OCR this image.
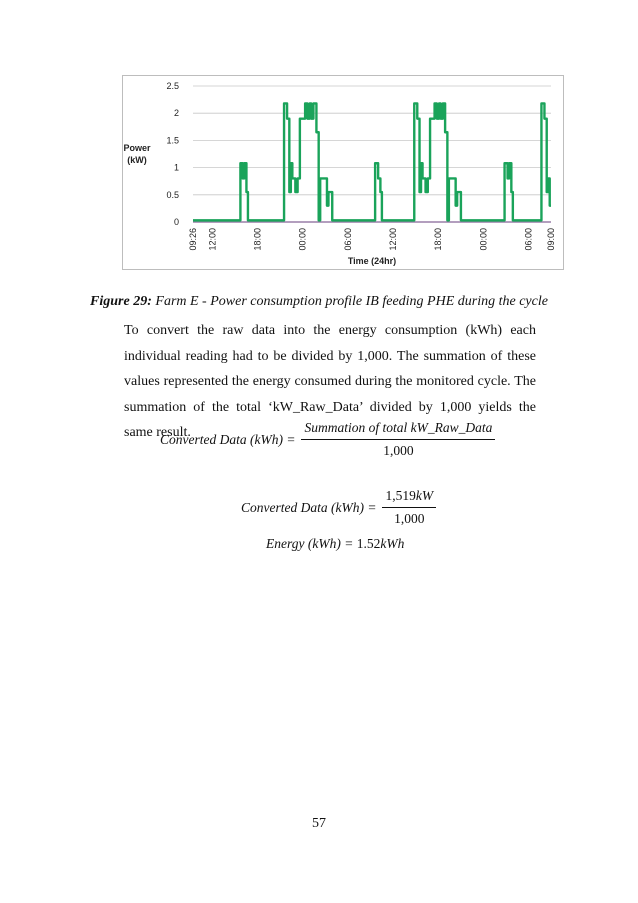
0
0.5
1
1.5
2
2.5
09:26 12:00	18:00	00:00	06:00	12:00	18:00	00:00	06:00 09:00
Power
(kW)
Time (24hr)
Figure 29: Farm E - Power consumption profile IB feeding PHE during the cycle

To convert the raw data into the energy consumption (kWh) each individual reading had to be divided by 1,000. The summation of these values represented the energy consumed during the monitored cycle. The summation of the total ‘kW_Raw_Data’ divided by 1,000 yields the same result.

Converted Data $(kWh) = \frac{\text{Summation of total kW\_Raw\_Data}}{1,000}$
Converted Data $(kWh) = \frac{1,519kW}{1,000}$
Energy (kWh) =
1.52 kWh
57
